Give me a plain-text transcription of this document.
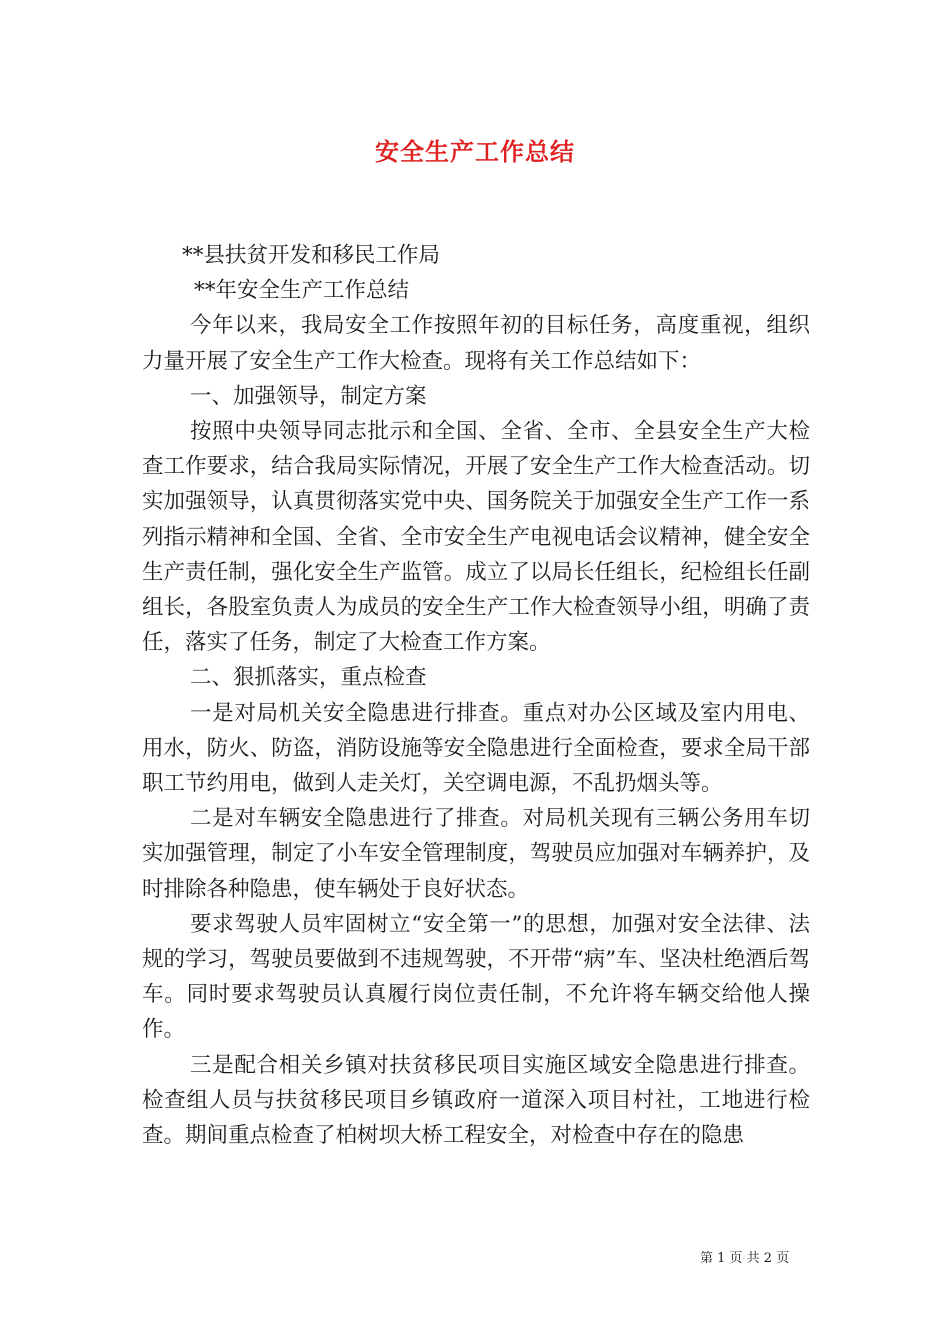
安全生产工作总结

**县扶贫开发和移民工作局

**年安全生产工作总结

今年以来，我局安全工作按照年初的目标任务，高度重视，组织力量开展了安全生产工作大检查。现将有关工作总结如下：

一、加强领导，制定方案

按照中央领导同志批示和全国、全省、全市、全县安全生产大检查工作要求，结合我局实际情况，开展了安全生产工作大检查活动。切实加强领导，认真贯彻落实党中央、国务院关于加强安全生产工作一系列指示精神和全国、全省、全市安全生产电视电话会议精神，健全安全生产责任制，强化安全生产监管。成立了以局长任组长，纪检组长任副组长，各股室负责人为成员的安全生产工作大检查领导小组，明确了责任，落实了任务，制定了大检查工作方案。

二、狠抓落实，重点检查

一是对局机关安全隐患进行排查。重点对办公区域及室内用电、用水，防火、防盗，消防设施等安全隐患进行全面检查，要求全局干部职工节约用电，做到人走关灯，关空调电源，不乱扔烟头等。

二是对车辆安全隐患进行了排查。对局机关现有三辆公务用车切实加强管理，制定了小车安全管理制度，驾驶员应加强对车辆养护，及时排除各种隐患，使车辆处于良好状态。

要求驾驶人员牢固树立“安全第一”的思想，加强对安全法律、法规的学习，驾驶员要做到不违规驾驶，不开带“病”车、坚决杜绝酒后驾车。同时要求驾驶员认真履行岗位责任制，不允许将车辆交给他人操作。

三是配合相关乡镇对扶贫移民项目实施区域安全隐患进行排查。检查组人员与扶贫移民项目乡镇政府一道深入项目村社，工地进行检查。期间重点检查了柏树坝大桥工程安全，对检查中存在的隐患

第 1 页 共 2 页
